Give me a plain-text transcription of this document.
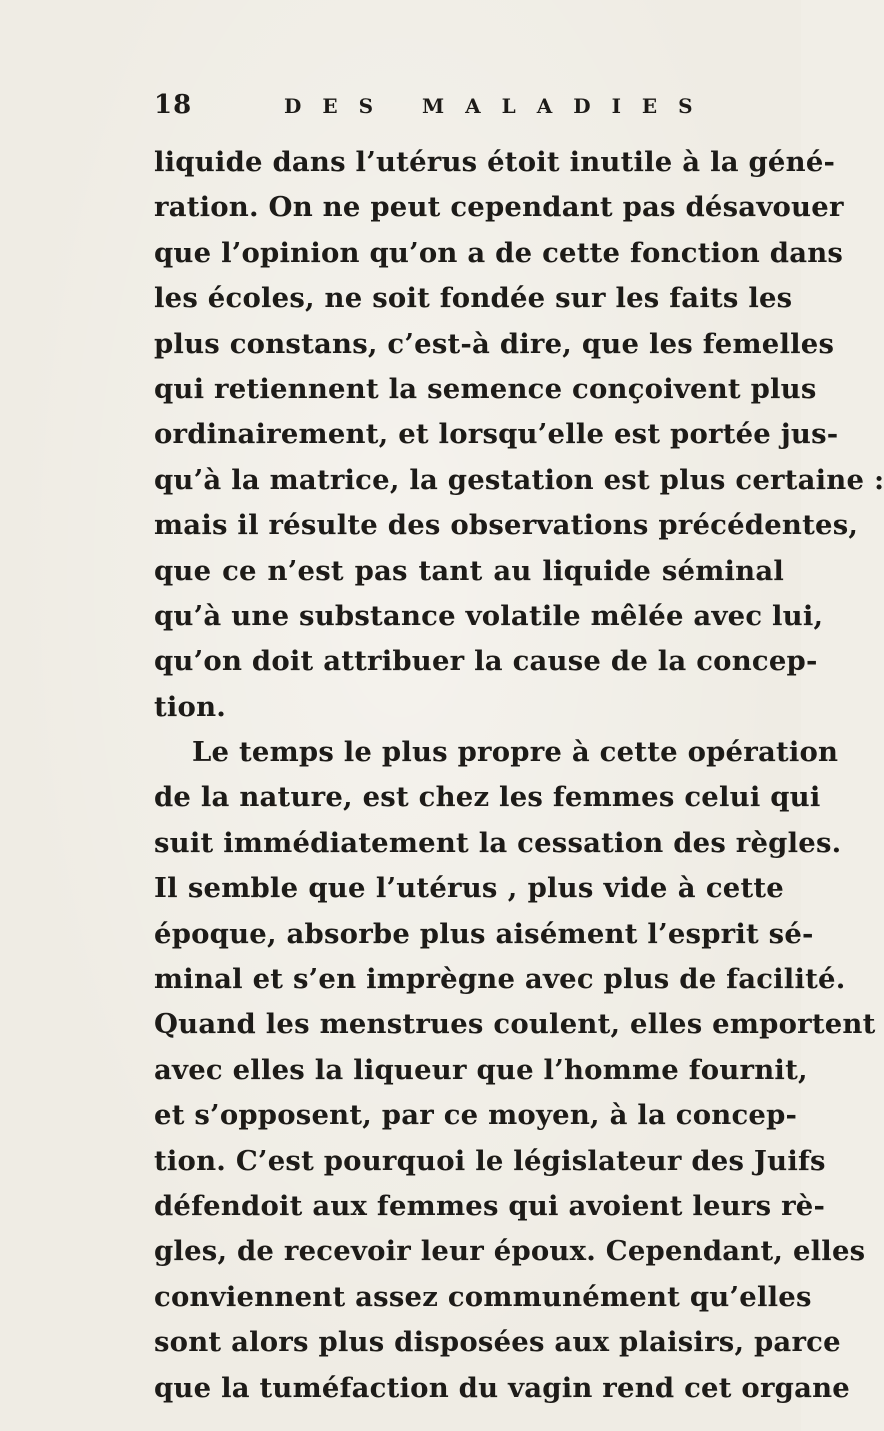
18	DES MALADIES
liquide dans l’utérus étoit inutile à la géné-
ration. On ne peut cependant pas désavouer
que l’opinion qu’on a de cette fonction dans
les écoles, ne soit fondée sur les faits les
plus constans, c’est-à dire, que les femelles
qui retiennent la semence conçoivent plus
ordinairement, et lorsqu’elle est portée jus-
qu’à la matrice, la gestation est plus certaine :
mais il résulte des observations précédentes,
que ce n’est pas tant au liquide séminal
qu’à une substance volatile mêlée avec lui,
qu’on doit attribuer la cause de la concep-
tion.
Le temps le plus propre à cette opération
de la nature, est chez les femmes celui qui
suit immédiatement la cessation des règles.
Il semble que l’utérus , plus vide à cette
époque, absorbe plus aisément l’esprit sé-
minal et s’en imprègne avec plus de facilité.
Quand les menstrues coulent, elles emportent
avec elles la liqueur que l’homme fournit,
et s’opposent, par ce moyen, à la concep-
tion. C’est pourquoi le législateur des Juifs
défendoit aux femmes qui avoient leurs rè-
gles, de recevoir leur époux. Cependant, elles
conviennent assez communément qu’elles
sont alors plus disposées aux plaisirs, parce
que la tuméfaction du vagin rend cet organe
